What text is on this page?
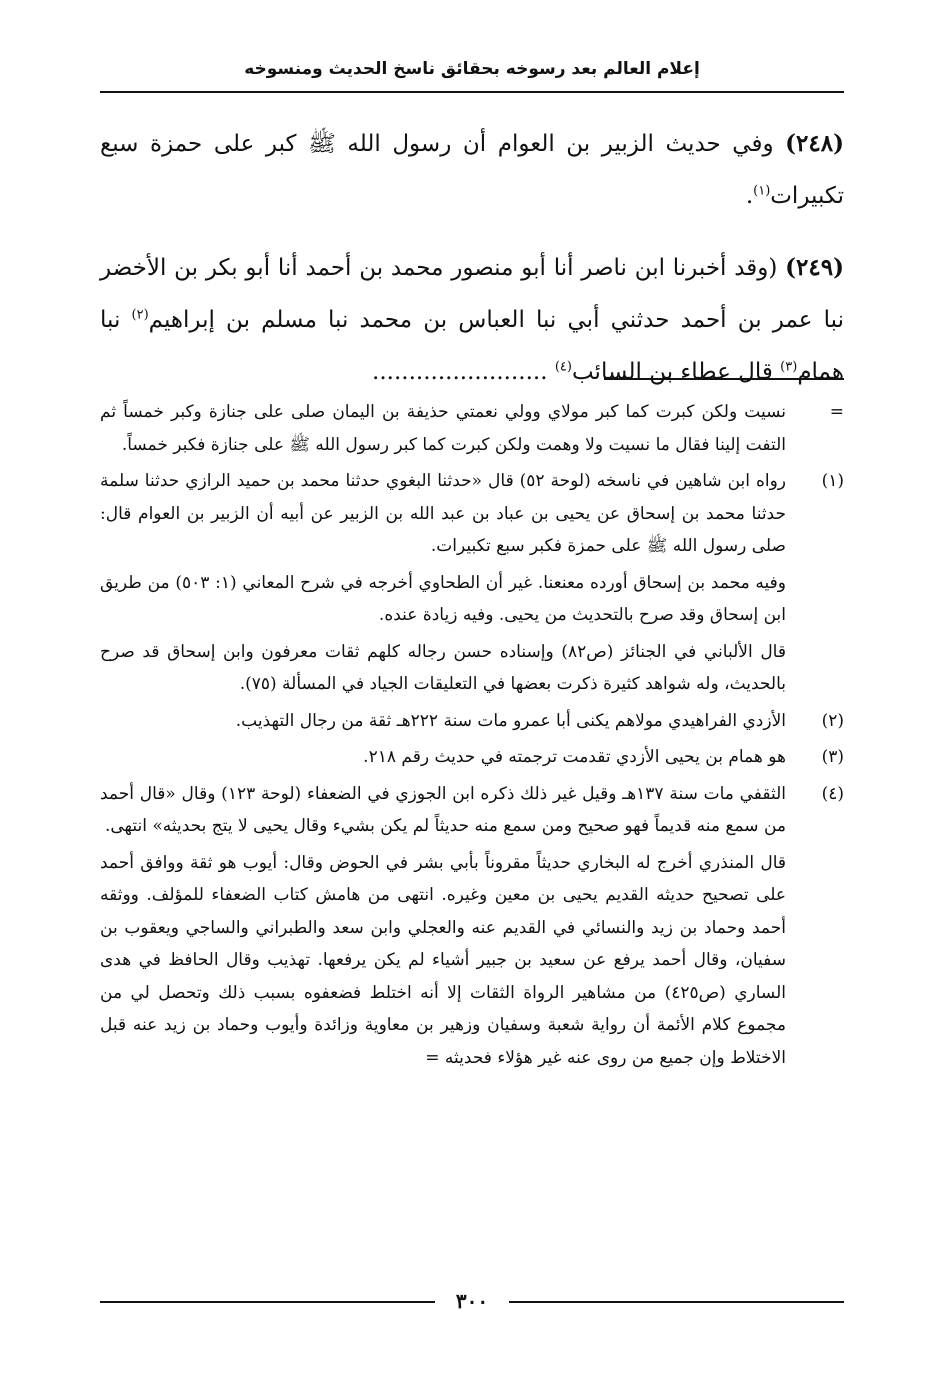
إعلام العالم بعد رسوخه بحقائق ناسخ الحديث ومنسوخه

(٢٤٨) وفي حديث الزبير بن العوام أن رسول الله ﷺ كبر على حمزة سبع تكبيرات$^{(١)}$.

(٢٤٩) (وقد أخبرنا ابن ناصر أنا أبو منصور محمد بن أحمد أنا أبو بكر بن الأخضر نبا عمر بن أحمد حدثني أبي نبا العباس بن محمد نبا مسلم بن إبراهيم$^{(٢)}$ نبا همام$^{(٣)}$ قال عطاء بن السائب$^{(٤)}$ ........................

=

نسيت ولكن كبرت كما كبر مولاي وولي نعمتي حذيفة بن اليمان صلى على جنازة وكبر خمساً ثم التفت إلينا فقال ما نسيت ولا وهمت ولكن كبرت كما كبر رسول الله ﷺ على جنازة فكبر خمساً.

(١)

رواه ابن شاهين في ناسخه (لوحة ٥٢) قال «حدثنا البغوي حدثنا محمد بن حميد الرازي حدثنا سلمة حدثنا محمد بن إسحاق عن يحيى بن عباد بن عبد الله بن الزبير عن أبيه أن الزبير بن العوام قال: صلى رسول الله ﷺ على حمزة فكبر سبع تكبيرات.

وفيه محمد بن إسحاق أورده معنعنا. غير أن الطحاوي أخرجه في شرح المعاني (١: ٥٠٣) من طريق ابن إسحاق وقد صرح بالتحديث من يحيى. وفيه زيادة عنده.

قال الألباني في الجنائز (ص٨٢) وإسناده حسن رجاله كلهم ثقات معرفون وابن إسحاق قد صرح بالحديث، وله شواهد كثيرة ذكرت بعضها في التعليقات الجياد في المسألة (٧٥).

(٢)

الأزدي الفراهيدي مولاهم يكنى أبا عمرو مات سنة ٢٢٢هـ ثقة من رجال التهذيب.

(٣)

هو همام بن يحيى الأزدي تقدمت ترجمته في حديث رقم ٢١٨.

(٤)

الثقفي مات سنة ١٣٧هـ وقيل غير ذلك ذكره ابن الجوزي في الضعفاء (لوحة ١٢٣) وقال «قال أحمد من سمع منه قديماً فهو صحيح ومن سمع منه حديثاً لم يكن بشيء وقال يحيى لا يتج بحديثه» انتهى.

قال المنذري أخرج له البخاري حديثاً مقروناً بأبي بشر في الحوض وقال: أيوب هو ثقة ووافق أحمد على تصحيح حديثه القديم يحيى بن معين وغيره. انتهى من هامش كتاب الضعفاء للمؤلف. ووثقه أحمد وحماد بن زيد والنسائي في القديم عنه والعجلي وابن سعد والطبراني والساجي ويعقوب بن سفيان، وقال أحمد يرفع عن سعيد بن جبير أشياء لم يكن يرفعها. تهذيب وقال الحافظ في هدى الساري (ص٤٢٥) من مشاهير الرواة الثقات إلا أنه اختلط فضعفوه بسبب ذلك وتحصل لي من مجموع كلام الأئمة أن رواية شعبة وسفيان وزهير بن معاوية وزائدة وأيوب وحماد بن زيد عنه قبل الاختلاط وإن جميع من روى عنه غير هؤلاء فحديثه =

٣٠٠
